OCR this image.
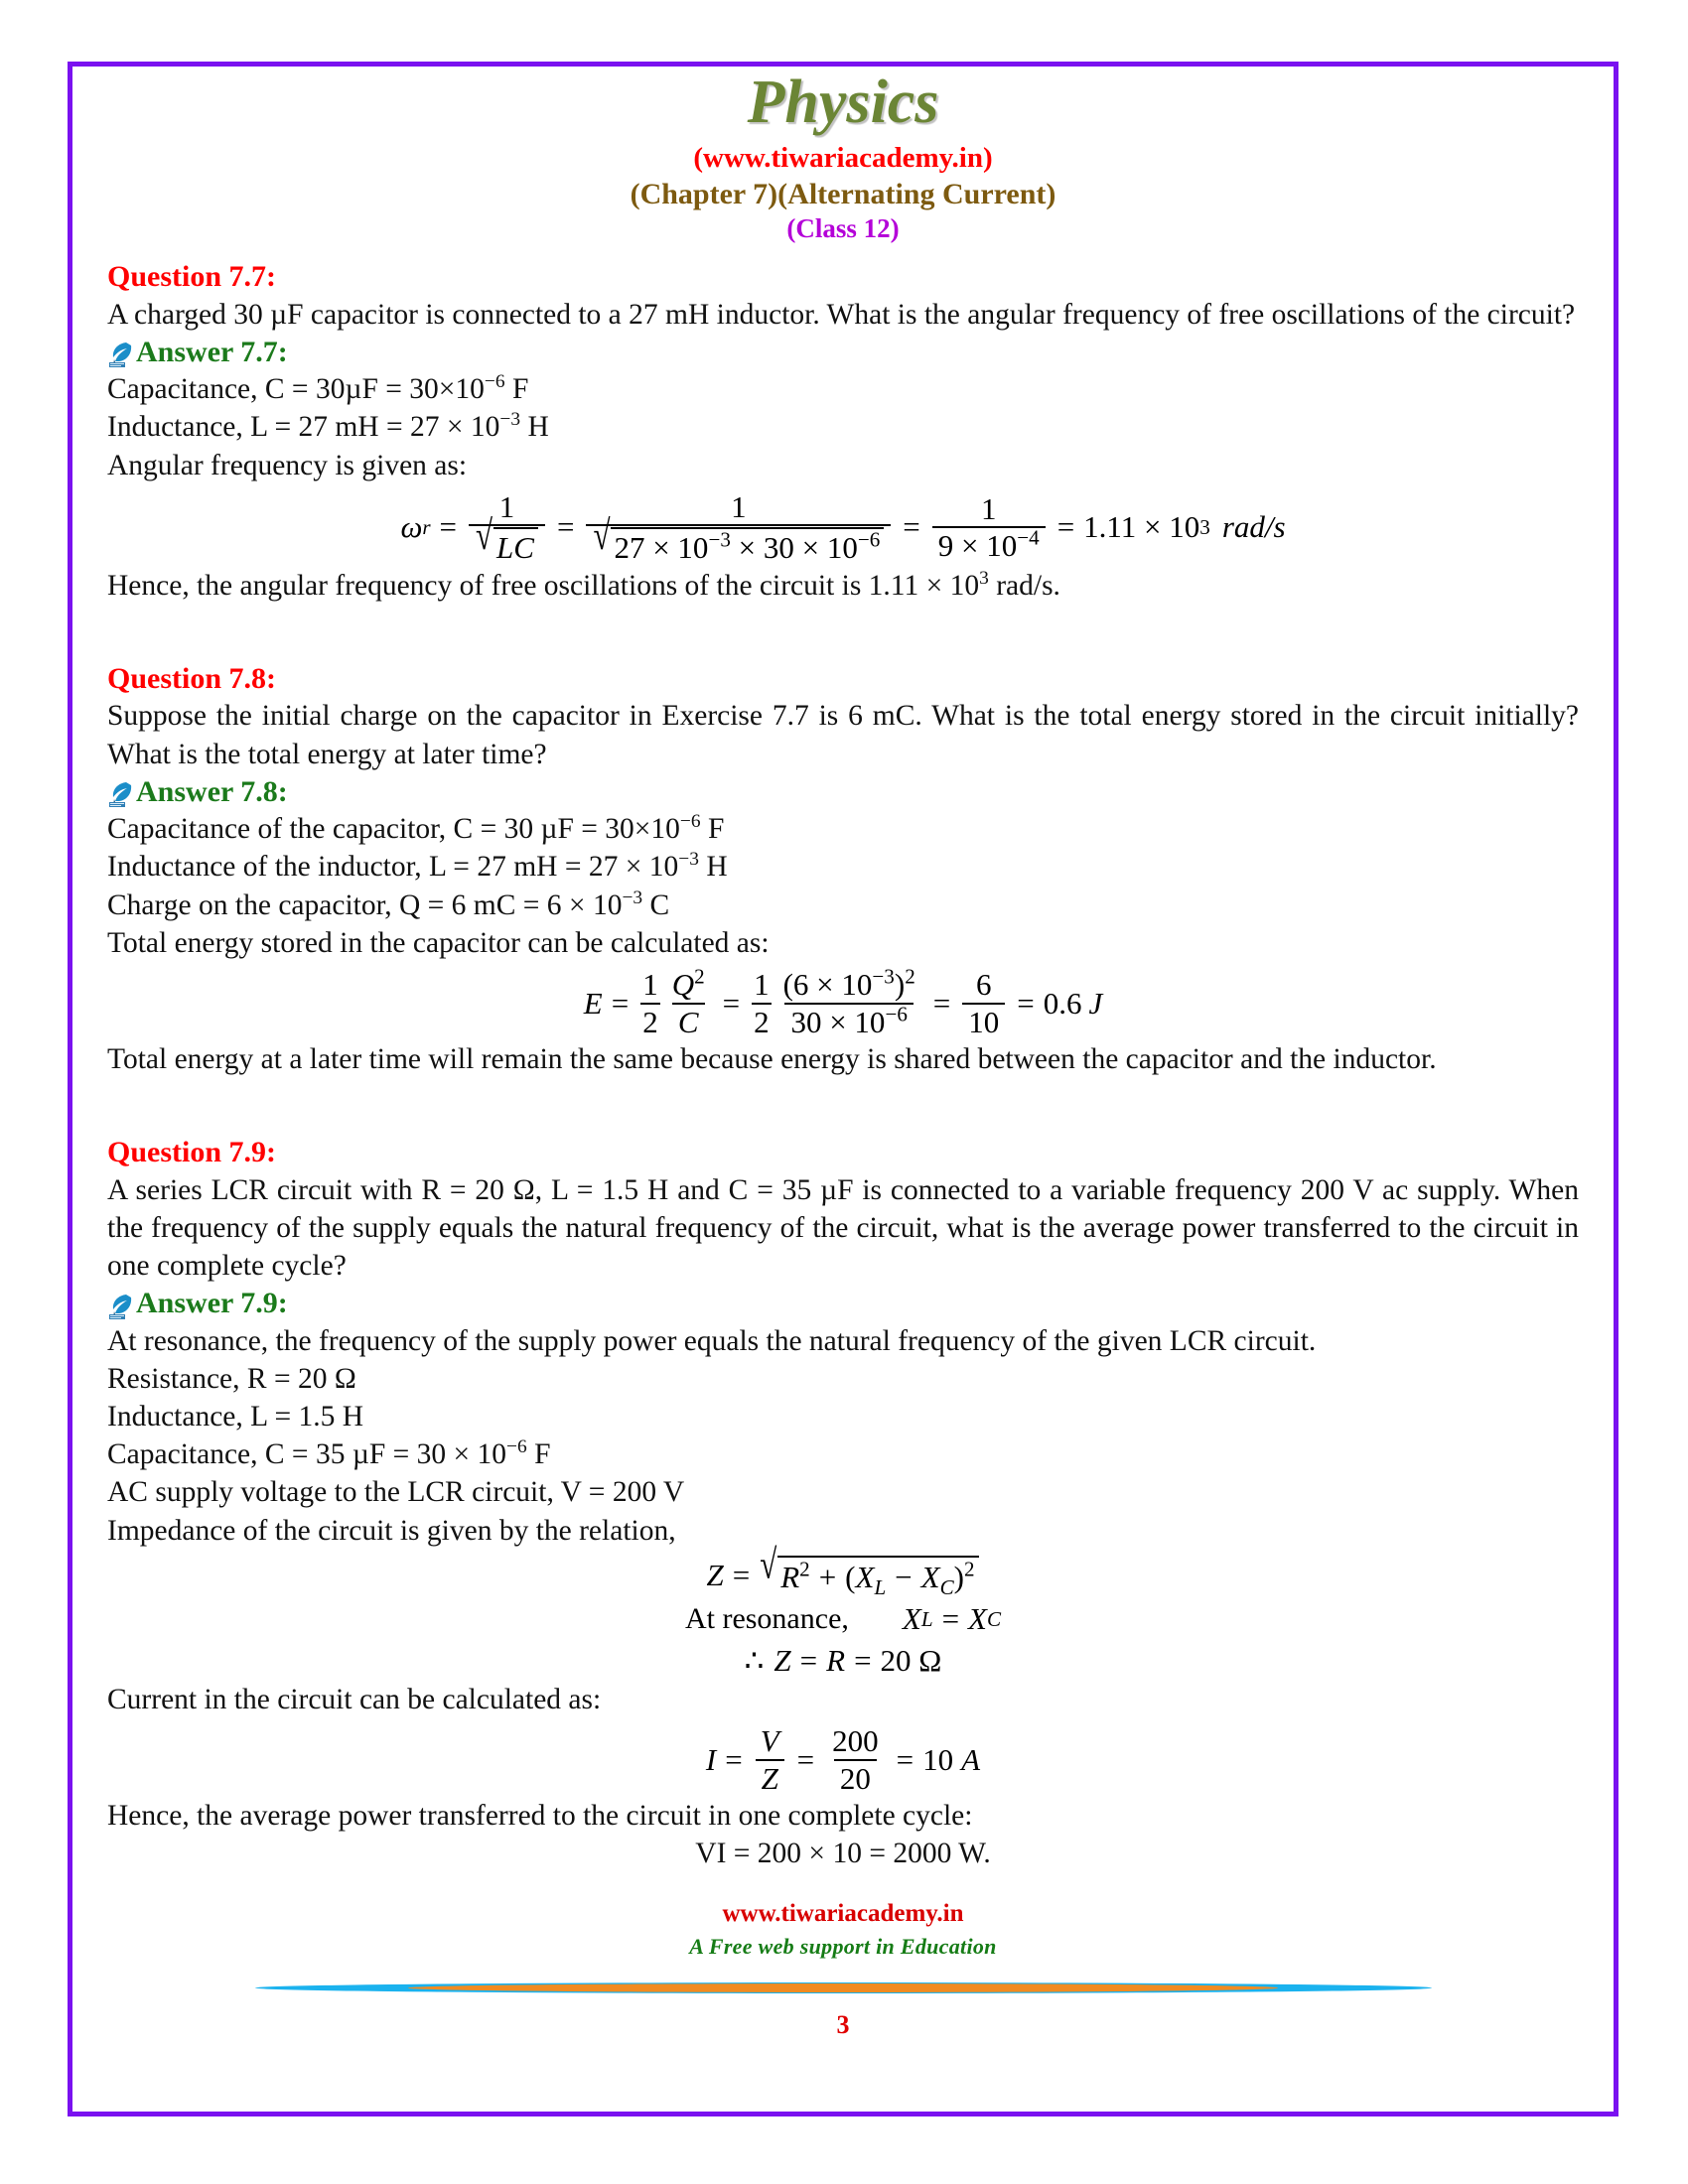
Physics
(www.tiwariacademy.in)
(Chapter 7)(Alternating Current)
(Class 12)
Question 7.7:
A charged 30 µF capacitor is connected to a 27 mH inductor. What is the angular frequency of free oscillations of the circuit?
Answer 7.7:
Capacitance, $C = 30\mu F = 30\times 10^{-6}$ F
Inductance, L = 27 mH = $27 \times 10^{-3}$ H
Angular frequency is given as:
ω $r = \frac{1}{√ LC} = \frac{1}{√ 27 \times 10^{-3} \times 30 \times 10^{-6}} = \frac{1}{9 \times 10^{-4}} = 1.11 \times 10$ 3 rad/s
Hence, the angular frequency of free oscillations of the circuit is $1.11 \times 10^3$ rad/s.
Question 7.8:
Suppose the initial charge on the capacitor in Exercise 7.7 is 6 mC. What is the total energy stored in the circuit initially? What is the total energy at later time?
Answer 7.8:
Capacitance of the capacitor, C = 30 $\mu F = 30\times 10^{-6}$ F
Inductance of the inductor, L = 27 mH = $27 \times 10^{-3}$ H
Charge on the capacitor, Q = 6 mC = $6 \times 10^{-3}$ C
Total energy stored in the capacitor can be calculated as:
$E = \frac{1}{2} \frac{Q^2}{C} = \frac{1}{2} \frac{(6 \times 10^{-3})^2}{30 \times 10^{-6}} = \frac{6}{10} = 0.6$ J
Total energy at a later time will remain the same because energy is shared between the capacitor and the inductor.
Question 7.9:
A series LCR circuit with R = 20 Ω, L = 1.5 H and C = 35 µF is connected to a variable frequency 200 V ac supply. When the frequency of the supply equals the natural frequency of the circuit, what is the average power transferred to the circuit in one complete cycle?
Answer 7.9:
At resonance, the frequency of the supply power equals the natural frequency of the given LCR circuit.
Resistance, R = 20 Ω
Inductance, L = 1.5 H
Capacitance, C = 35 $\mu F = 30 \times 10^{-6}$ F
AC supply voltage to the LCR circuit, V = 200 V
Impedance of the circuit is given by the relation,
Z = √ $R^2 + (X_L - X_C)^2$
At resonance, X L = X C
∴ Z = R = 20 Ω
Current in the circuit can be calculated as:
$I = \frac{V}{Z} = \frac{200}{20} = 10$ A
Hence, the average power transferred to the circuit in one complete cycle:
VI = 200 × 10 = 2000 W.
www.tiwariacademy.in
A Free web support in Education
3
